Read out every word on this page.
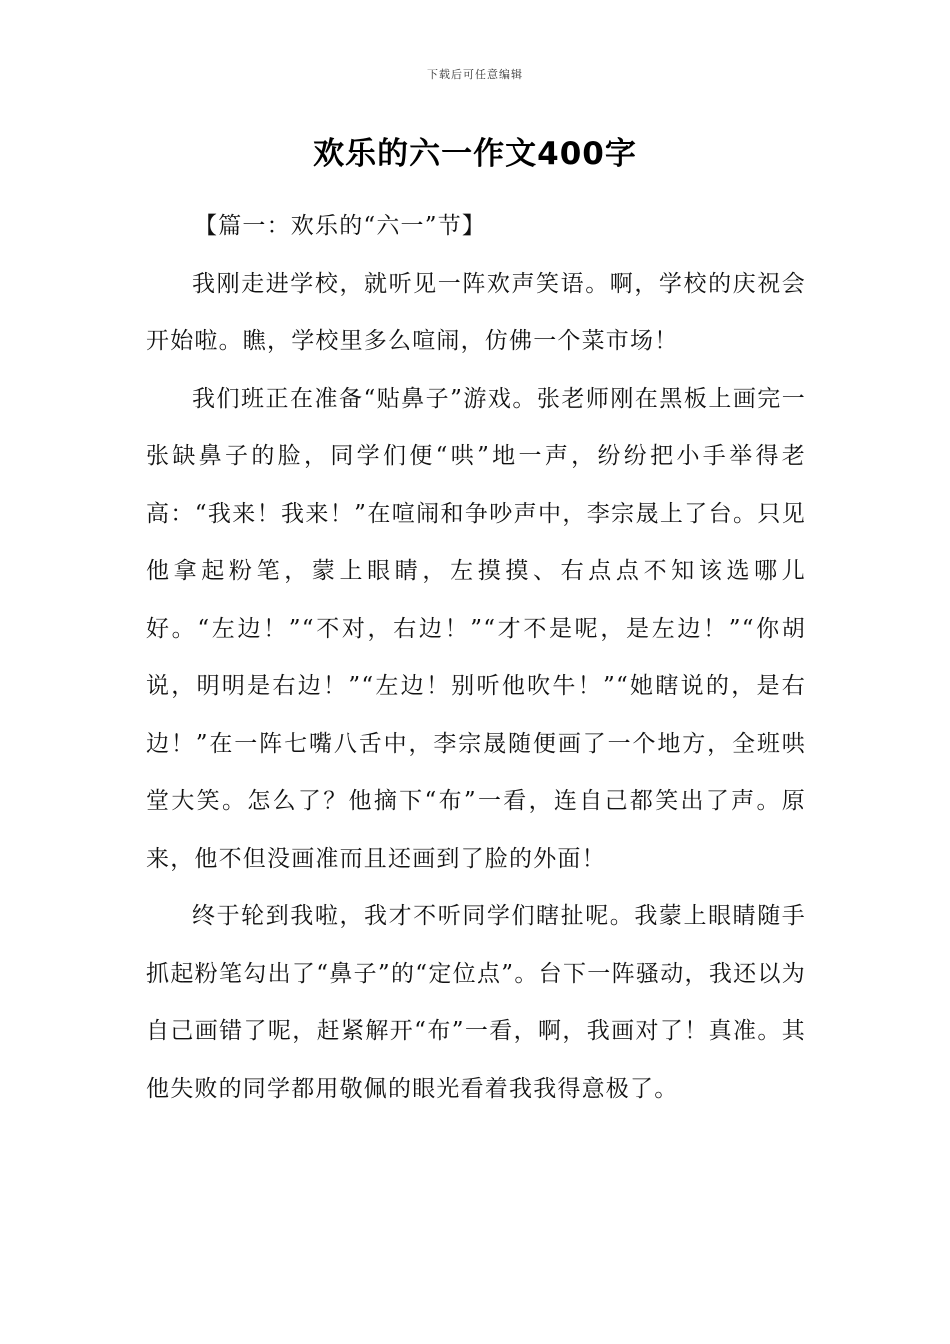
下载后可任意编辑
欢乐的六一作文400字

【篇一：欢乐的“六一”节】

我刚走进学校，就听见一阵欢声笑语。啊，学校的庆祝会开始啦。瞧，学校里多么喧闹，仿佛一个菜市场！

我们班正在准备“贴鼻子”游戏。张老师刚在黑板上画完一张缺鼻子的脸，同学们便“哄”地一声，纷纷把小手举得老高：“我来！我来！”在喧闹和争吵声中，李宗晟上了台。只见他拿起粉笔，蒙上眼睛，左摸摸、右点点不知该选哪儿好。“左边！”“不对，右边！”“才不是呢，是左边！”“你胡说，明明是右边！”“左边！别听他吹牛！”“她瞎说的，是右边！”在一阵七嘴八舌中，李宗晟随便画了一个地方，全班哄堂大笑。怎么了？他摘下“布”一看，连自己都笑出了声。原来，他不但没画准而且还画到了脸的外面！

终于轮到我啦，我才不听同学们瞎扯呢。我蒙上眼睛随手抓起粉笔勾出了“鼻子”的“定位点”。台下一阵骚动，我还以为自己画错了呢，赶紧解开“布”一看，啊，我画对了！真准。其他失败的同学都用敬佩的眼光看着我我得意极了。
